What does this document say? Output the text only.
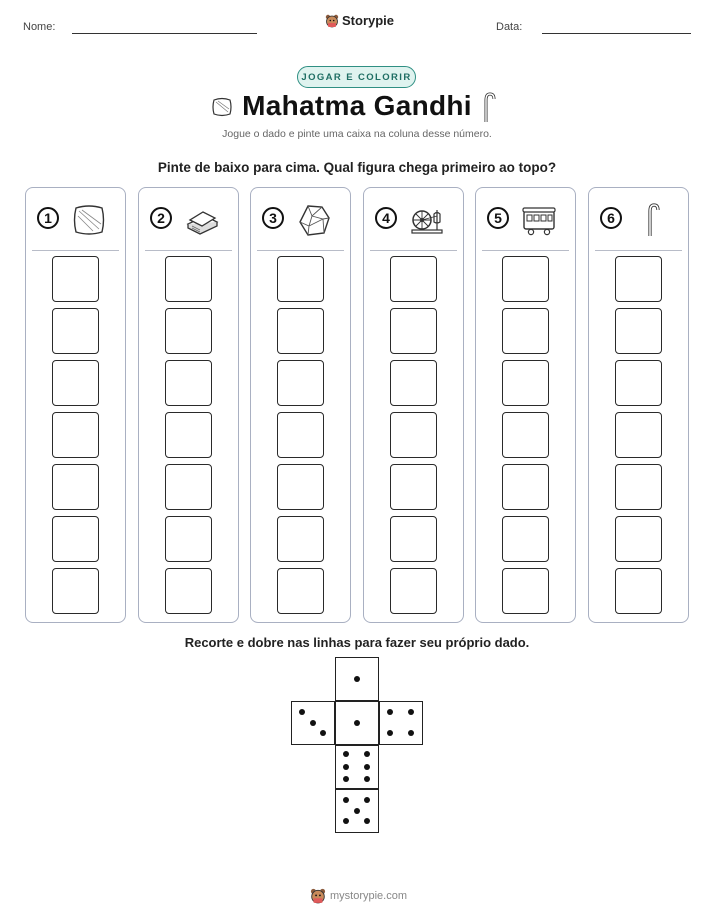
Nome:	Storypie	Data:
JOGAR E COLORIR
Mahatma Gandhi
Jogue o dado e pinte uma caixa na coluna desse número.
Pinte de baixo para cima. Qual figura chega primeiro ao topo?
1	2	3	4	5	6
Recorte e dobre nas linhas para fazer seu próprio dado.
mystorypie.com
